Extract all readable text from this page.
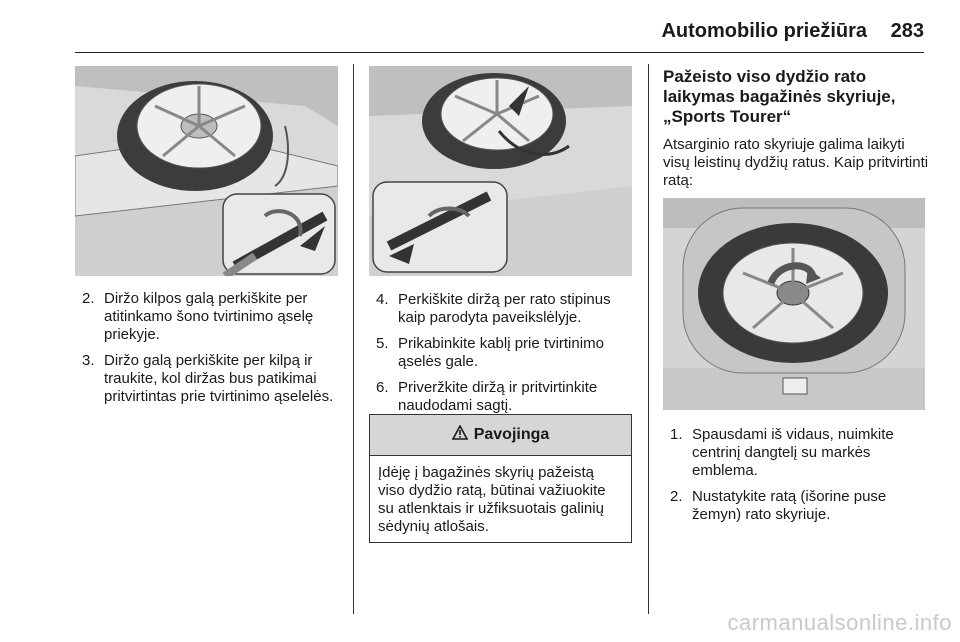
Automobilio priežiūra 283
2. Diržo kilpos galą perkiškite per atitinkamo šono tvirtinimo ąselę priekyje.
3. Diržo galą perkiškite per kilpą ir traukite, kol diržas bus patikimai pritvirtintas prie tvirtinimo ąselelės.
4. Perkiškite diržą per rato stipinus kaip parodyta paveikslėlyje.
5. Prikabinkite kablį prie tvirtinimo ąselės gale.
6. Priveržkite diržą ir pritvirtinkite naudodami sagtį.
Pavojinga
Įdėję į bagažinės skyrių pažeistą viso dydžio ratą, būtinai važiuokite su atlenktais ir užfiksuotais galinių sėdynių atlošais.
Pažeisto viso dydžio rato laikymas bagažinės skyriuje, „Sports Tourer“
Atsarginio rato skyriuje galima laikyti visų leistinų dydžių ratus. Kaip pritvirtinti ratą:
1. Spausdami iš vidaus, nuimkite centrinį dangtelį su markės emblema.
2. Nustatykite ratą (išorine puse žemyn) rato skyriuje.
carmanualsonline.info
